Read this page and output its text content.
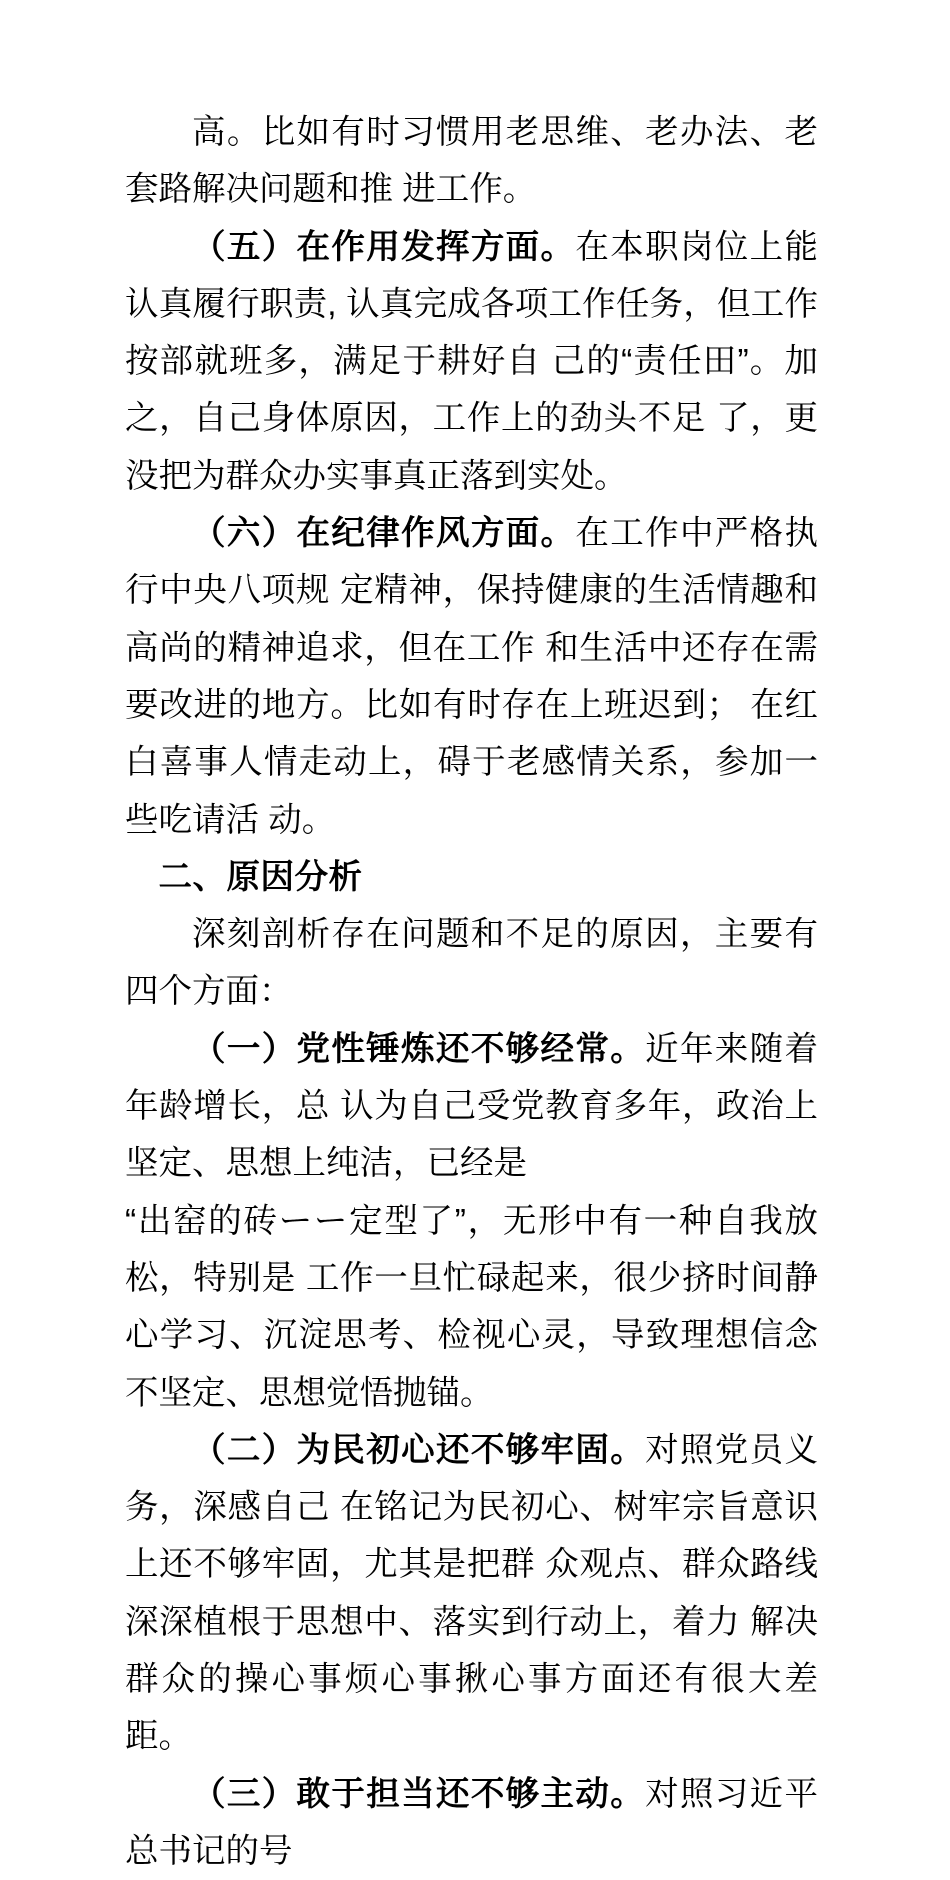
高。比如有时习惯用老思维、老办法、老套路解决问题和推 进工作。

（五）在作用发挥方面。在本职岗位上能认真履行职责, 认真完成各项工作任务，但工作按部就班多，满足于耕好自 己的“责任田”。加之，自己身体原因，工作上的劲头不足 了，更没把为群众办实事真正落到实处。

（六）在纪律作风方面。在工作中严格执行中央八项规 定精神，保持健康的生活情趣和高尚的精神追求，但在工作 和生活中还存在需要改进的地方。比如有时存在上班迟到； 在红白喜事人情走动上，碍于老感情关系，参加一些吃请活 动。

二、原因分析

深刻剖析存在问题和不足的原因，主要有四个方面：

（一）党性锤炼还不够经常。近年来随着年龄增长，总 认为自己受党教育多年，政治上坚定、思想上纯洁，已经是

“出窑的砖ーー定型了”，无形中有一种自我放松，特别是 工作一旦忙碌起来，很少挤时间静心学习、沉淀思考、检视心灵，导致理想信念不坚定、思想觉悟抛锚。

（二）为民初心还不够牢固。对照党员义务，深感自己 在铭记为民初心、树牢宗旨意识上还不够牢固，尤其是把群 众观点、群众路线深深植根于思想中、落实到行动上，着力 解决群众的操心事烦心事揪心事方面还有很大差距。

（三）敢于担当还不够主动。对照习近平总书记的号
